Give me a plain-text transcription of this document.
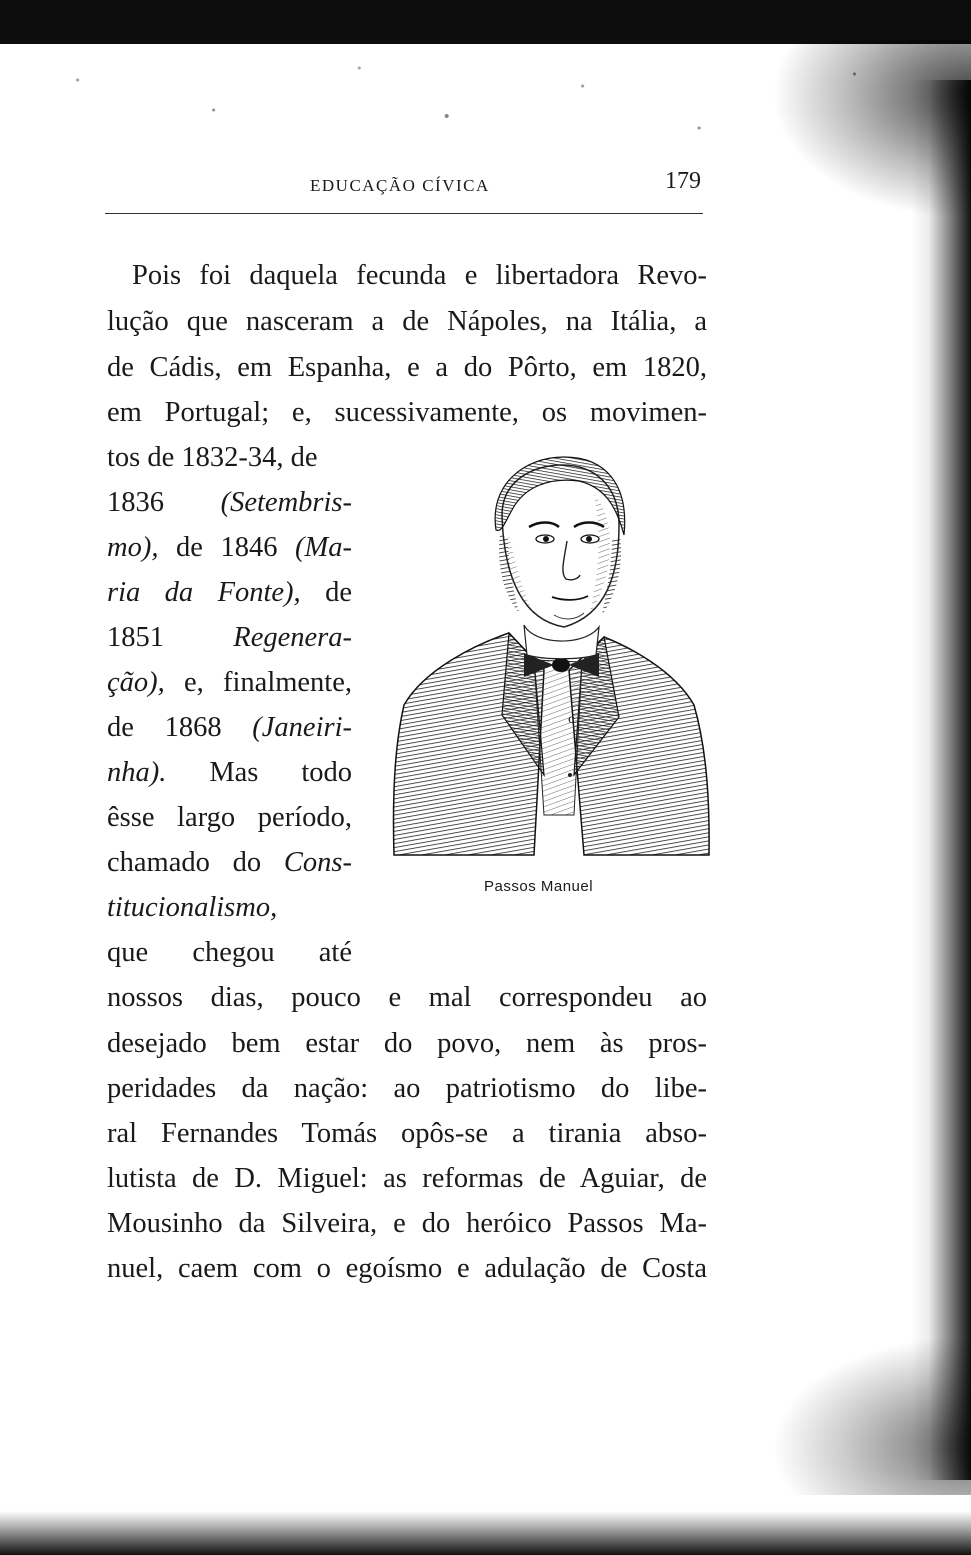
EDUCAÇÃO CÍVICA	179
Pois foi daquela fecunda e libertadora Revo-
lução que nasceram a de Nápoles, na Itália, a
de Cádis, em Espanha, e a do Pôrto, em 1820,
em Portugal; e, sucessivamente, os movimen-
tos de 1832-34, de
1836 (Setembris-
mo), de 1846 (Ma-
ria da Fonte), de
1851 Regenera-
ção), e, finalmente,
de 1868 (Janeiri-
nha). Mas todo
êsse largo período,
chamado do Cons-
titucionalismo,
que chegou até
nossos dias, pouco e mal correspondeu ao
desejado bem estar do povo, nem às pros-
peridades da nação: ao patriotismo do libe-
ral Fernandes Tomás opôs-se a tirania abso-
lutista de D. Miguel: as reformas de Aguiar, de
Mousinho da Silveira, e do heróico Passos Ma-
nuel, caem com o egoísmo e adulação de Costa
c
Passos Manuel
